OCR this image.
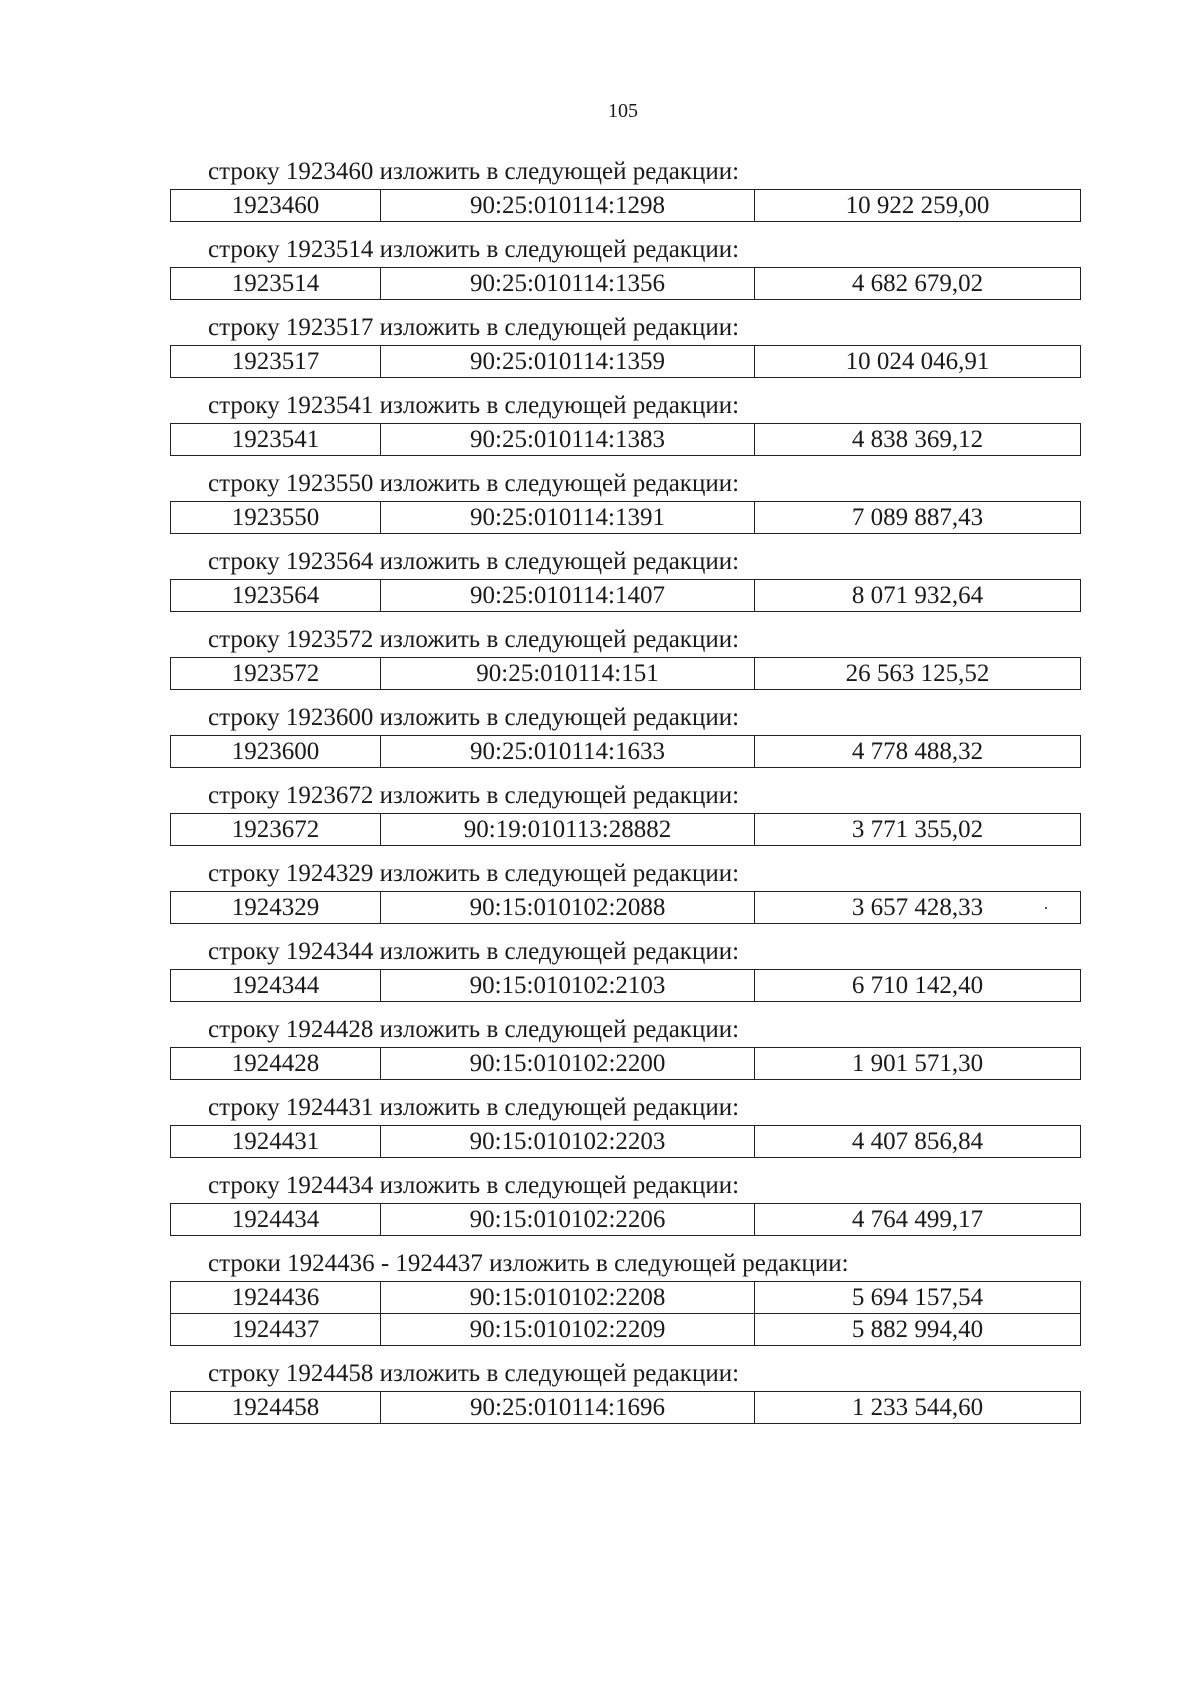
105
строку 1923460 изложить в следующей редакции:
1923460	90:25:010114:1298	10 922 259,00
строку 1923514 изложить в следующей редакции:
1923514	90:25:010114:1356	4 682 679,02
строку 1923517 изложить в следующей редакции:
1923517	90:25:010114:1359	10 024 046,91
строку 1923541 изложить в следующей редакции:
1923541	90:25:010114:1383	4 838 369,12
строку 1923550 изложить в следующей редакции:
1923550	90:25:010114:1391	7 089 887,43
строку 1923564 изложить в следующей редакции:
1923564	90:25:010114:1407	8 071 932,64
строку 1923572 изложить в следующей редакции:
1923572	90:25:010114:151	26 563 125,52
строку 1923600 изложить в следующей редакции:
1923600	90:25:010114:1633	4 778 488,32
строку 1923672 изложить в следующей редакции:
1923672	90:19:010113:28882	3 771 355,02
строку 1924329 изложить в следующей редакции:
1924329	90:15:010102:2088	3 657 428,33
строку 1924344 изложить в следующей редакции:
1924344	90:15:010102:2103	6 710 142,40
строку 1924428 изложить в следующей редакции:
1924428	90:15:010102:2200	1 901 571,30
строку 1924431 изложить в следующей редакции:
1924431	90:15:010102:2203	4 407 856,84
строку 1924434 изложить в следующей редакции:
1924434	90:15:010102:2206	4 764 499,17
строки 1924436 - 1924437 изложить в следующей редакции:
1924436	90:15:010102:2208	5 694 157,54
1924437	90:15:010102:2209	5 882 994,40
строку 1924458 изложить в следующей редакции:
1924458	90:25:010114:1696	1 233 544,60
